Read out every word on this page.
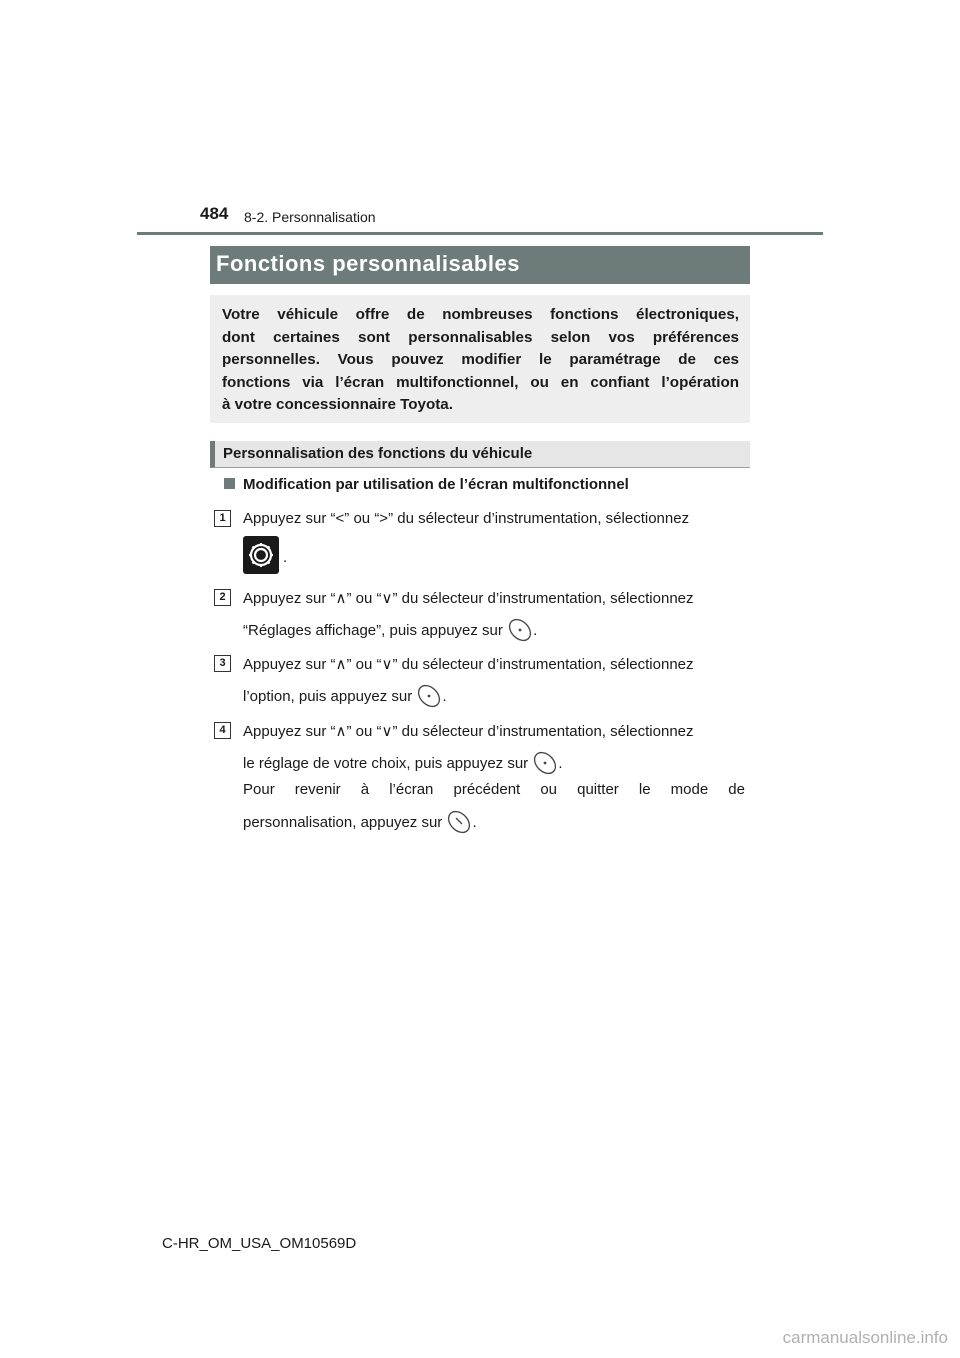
484 8-2. Personnalisation
Fonctions personnalisables
Votre véhicule offre de nombreuses fonctions électroniques,
dont certaines sont personnalisables selon vos préférences
personnelles. Vous pouvez modifier le paramétrage de ces
fonctions via l’écran multifonctionnel, ou en confiant l’opération
à votre concessionnaire Toyota.
Personnalisation des fonctions du véhicule
Modification par utilisation de l’écran multifonctionnel
1	Appuyez sur “<” ou “>” du sélecteur d’instrumentation, sélectionnez
.
2	Appuyez sur “∧” ou “∨” du sélecteur d’instrumentation, sélectionnez
“Réglages affichage”, puis appuyez sur .
3	Appuyez sur “∧” ou “∨” du sélecteur d’instrumentation, sélectionnez
l’option, puis appuyez sur .
4	Appuyez sur “∧” ou “∨” du sélecteur d’instrumentation, sélectionnez
le réglage de votre choix, puis appuyez sur .
Pour revenir à l’écran précédent ou quitter le mode de
personnalisation, appuyez sur .
C-HR_OM_USA_OM10569D
carmanualsonline.info
